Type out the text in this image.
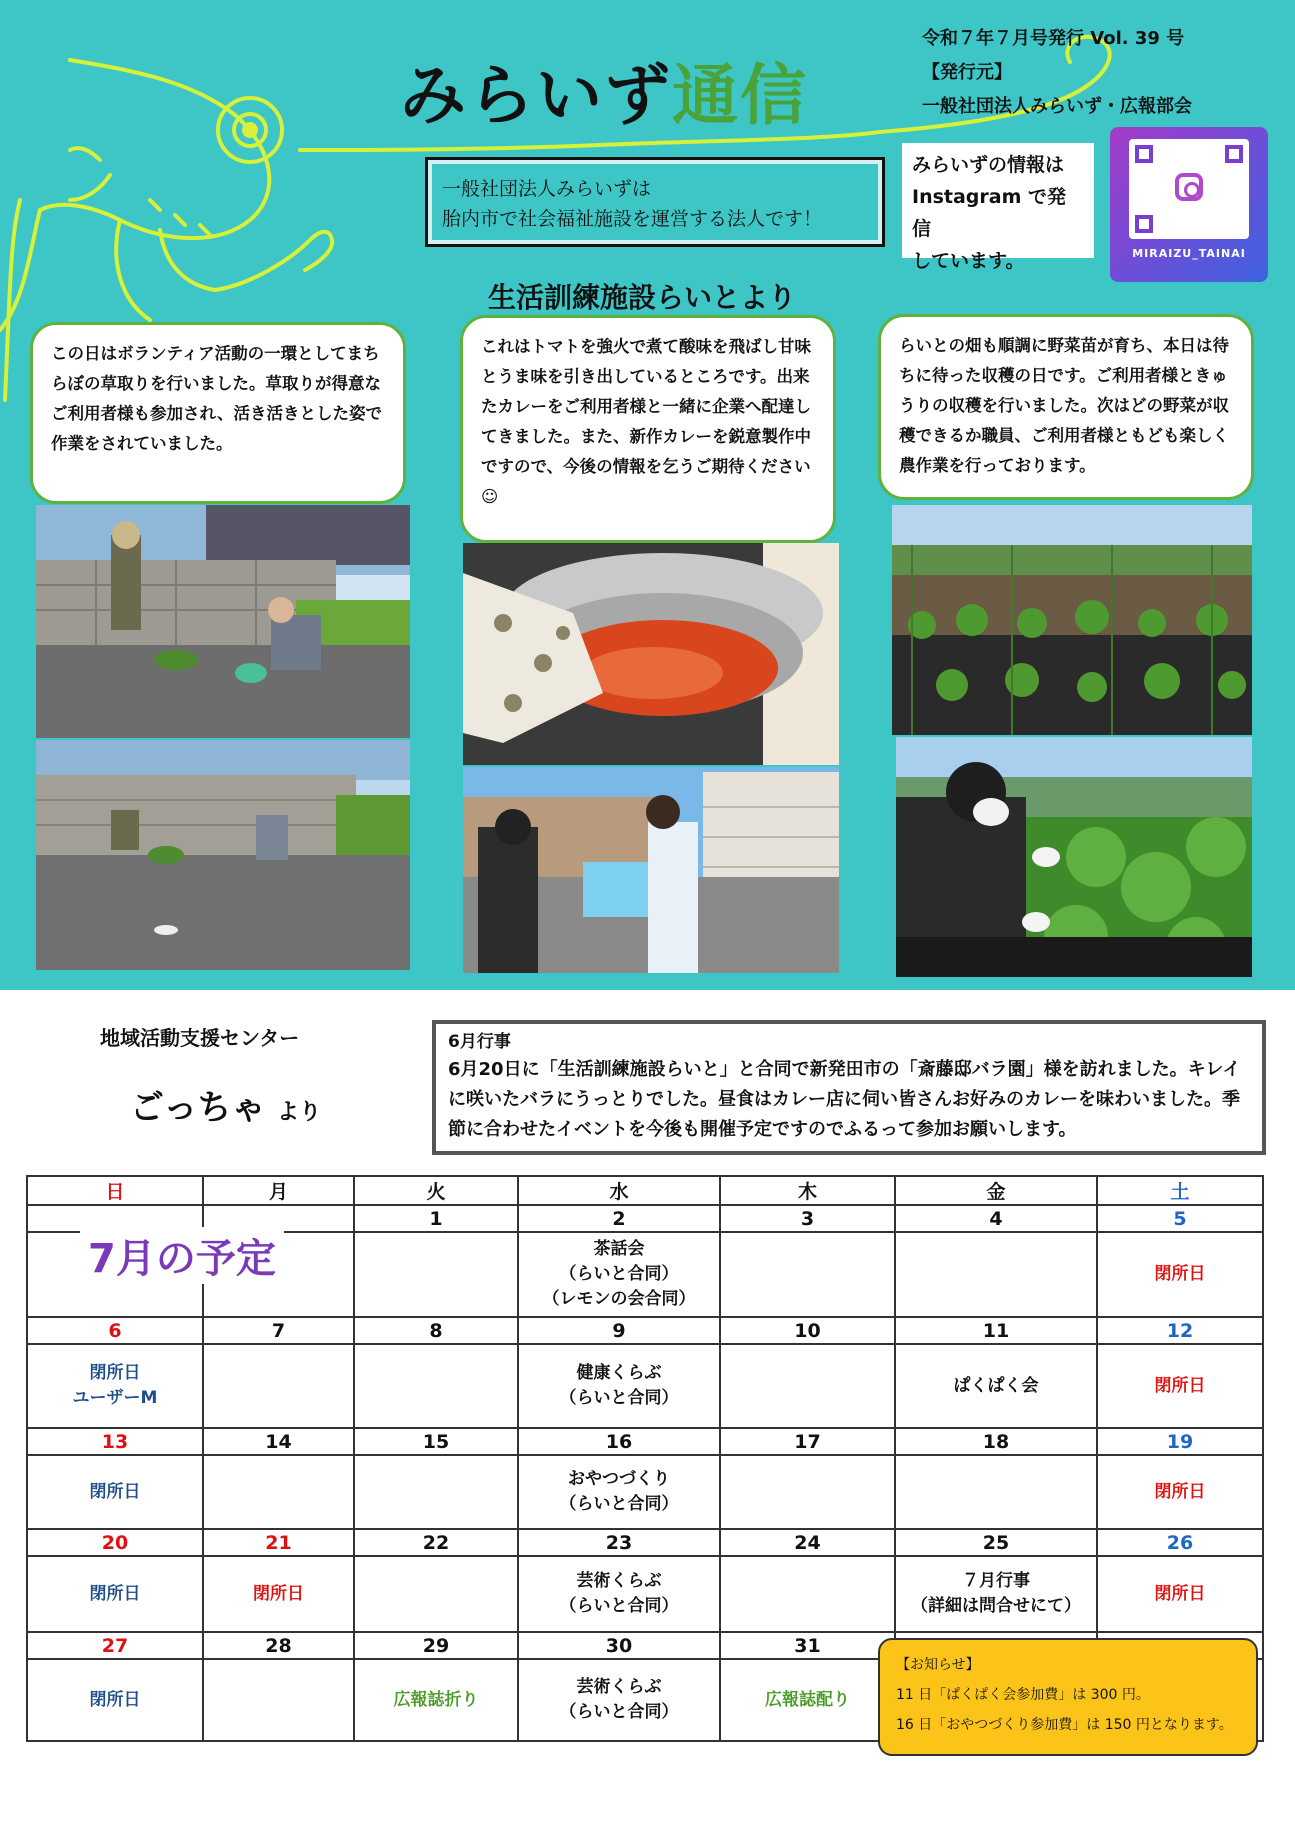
みらいず通信
令和７年７月号発行 Vol. 39 号
【発行元】
一般社団法人みらいず・広報部会
一般社団法人みらいずは
胎内市で社会福祉施設を運営する法人です！
みらいずの情報は
Instagram で発信
しています。	MIRAIZU_TAINAI
生活訓練施設らいとより
この日はボランティア活動の一環としてまちらぼの草取りを行いました。草取りが得意なご利用者様も参加され、活き活きとした姿で作業をされていました。
これはトマトを強火で煮て酸味を飛ばし甘味とうま味を引き出しているところです。出来たカレーをご利用者様と一緒に企業へ配達してきました。また、新作カレーを鋭意製作中ですので、今後の情報を乞うご期待ください☺
らいとの畑も順調に野菜苗が育ち、本日は待ちに待った収穫の日です。ご利用者様ときゅうりの収穫を行いました。次はどの野菜が収穫できるか職員、ご利用者様ともども楽しく農作業を行っております。
地域活動支援センター
ごっちゃ より
6月行事
6月20日に「生活訓練施設らいと」と合同で新発田市の「斎藤邸バラ園」様を訪れました。キレイに咲いたバラにうっとりでした。昼食はカレー店に伺い皆さんお好みのカレーを味わいました。季節に合わせたイベントを今後も開催予定ですのでふるって参加お願いします。
日	月	火	水	木	金	土
		1	2	3	4	5

			茶話会
（らいと合同）
（レモンの会合同）			閉所日

6	7	8	9	10	11	12

閉所日
ユーザーM			健康くらぶ
（らいと合同）		ぱくぱく会	閉所日

13	14	15	16	17	18	19

閉所日			おやつづくり
（らいと合同）			閉所日

20	21	22	23	24	25	26

閉所日	閉所日		芸術くらぶ
（らいと合同）		７月行事
（詳細は問合せにて）	閉所日

27	28	29	30	31		

閉所日		広報誌折り	芸術くらぶ
（らいと合同）	広報誌配り		

7月の予定
【お知らせ】
11 日「ぱくぱく会参加費」は 300 円。
16 日「おやつづくり参加費」は 150 円となります。
